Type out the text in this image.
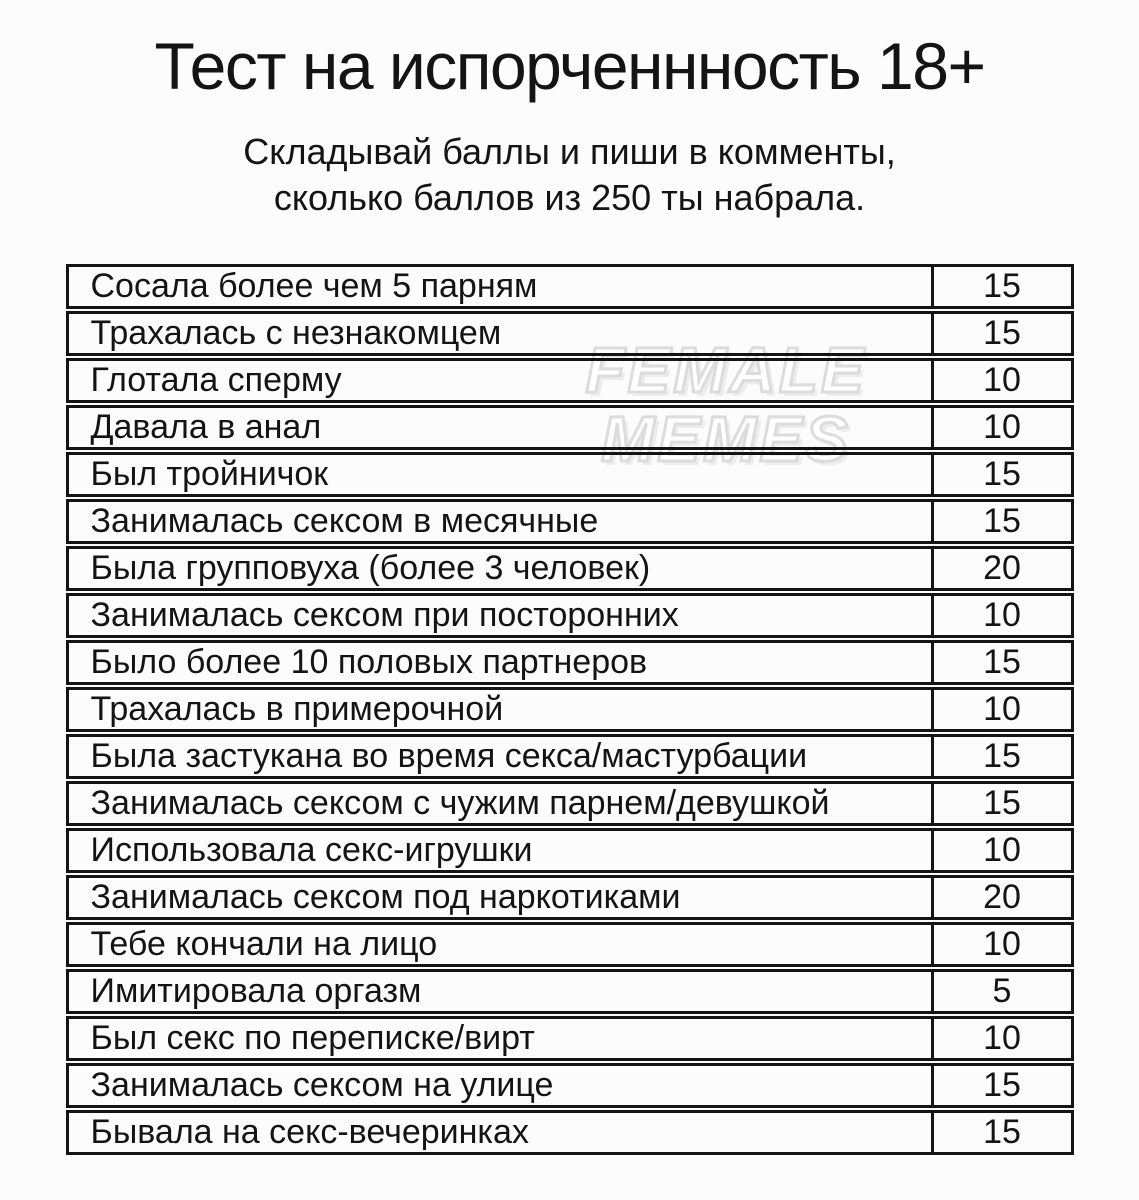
Тест на испорченнность 18+

Складывай баллы и пиши в комменты,
сколько баллов из 250 ты набрала.

FEMALE
MEMES
Сосала более чем 5 парням	15
Трахалась с незнакомцем	15
Глотала сперму	10
Давала в анал	10
Был тройничок	15
Занималась сексом в месячные	15
Была групповуха (более 3 человек)	20
Занималась сексом при посторонних	10
Было более 10 половых партнеров	15
Трахалась в примерочной	10
Была застукана во время секса/мастурбации	15
Занималась сексом с чужим парнем/девушкой	15
Использовала секс-игрушки	10
Занималась сексом под наркотиками	20
Тебе кончали на лицо	10
Имитировала оргазм	5
Был секс по переписке/вирт	10
Занималась сексом на улице	15
Бывала на секс-вечеринках	15
